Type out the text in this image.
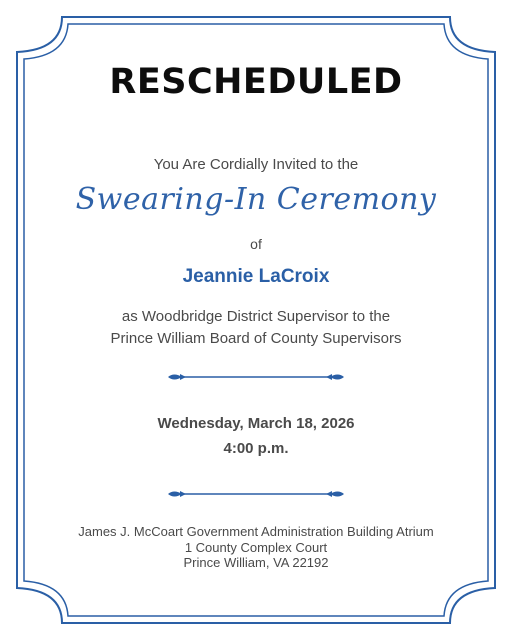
RESCHEDULED
You Are Cordially Invited to the
Swearing-In Ceremony
of
Jeannie LaCroix
as Woodbridge District Supervisor to the
Prince William Board of County Supervisors
Wednesday, March 18, 2026
4:00 p.m.
James J. McCoart Government Administration Building Atrium
1 County Complex Court
Prince William, VA 22192
